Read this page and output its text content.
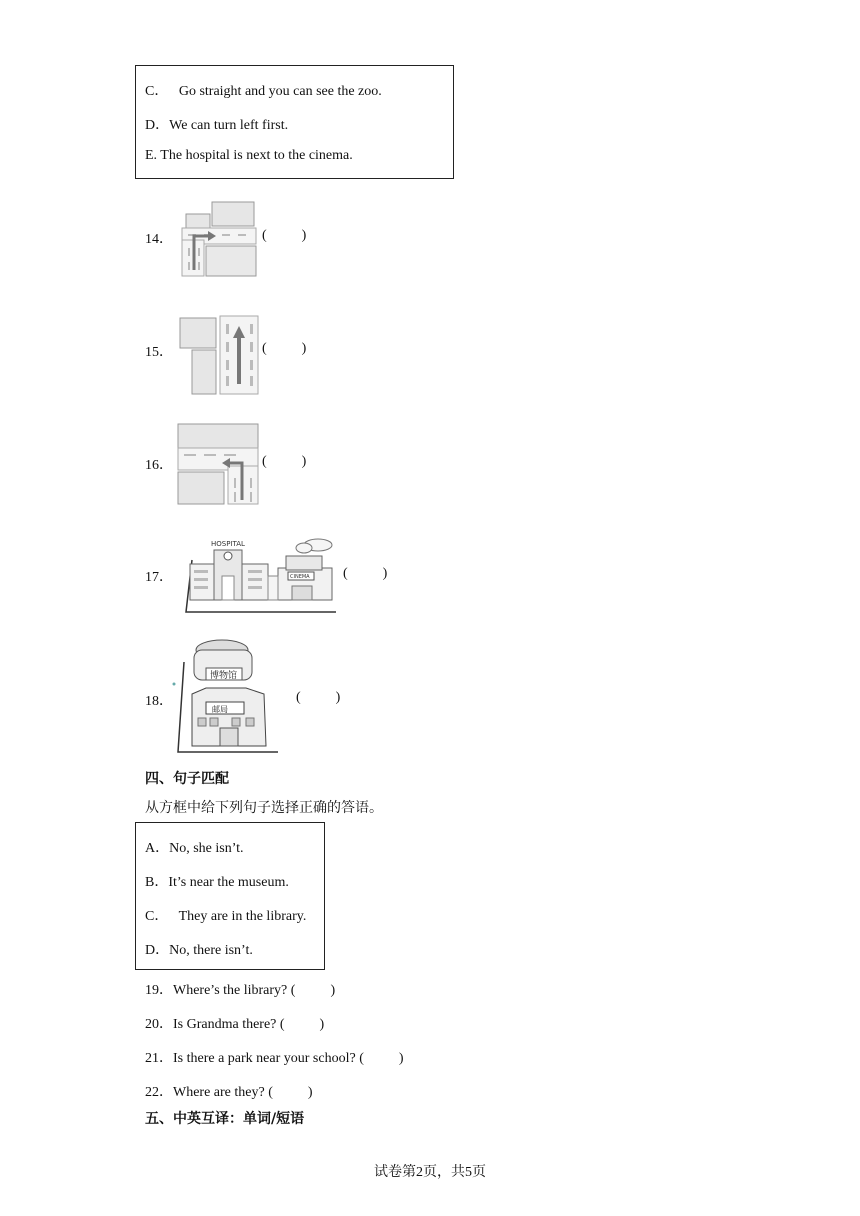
C．   Go straight and you can see the zoo.
D．We can turn left first.
E. The hospital is next to the cinema.
14．	(          )
15．	(          )
16．	(          )
17．
HOSPITAL
CINEMA (          )
18．
博物馆
邮局
(          )
四、句子匹配
从方框中给下列句子选择正确的答语。
A．No, she isn’t.
B．It’s near the museum.
C．   They are in the library.
D．No, there isn’t.
19．Where’s the library? (          )
20．Is Grandma there? (          )
21．Is there a park near your school? (          )
22．Where are they? (          )
五、中英互译：单词/短语
试卷第2页，共5页
